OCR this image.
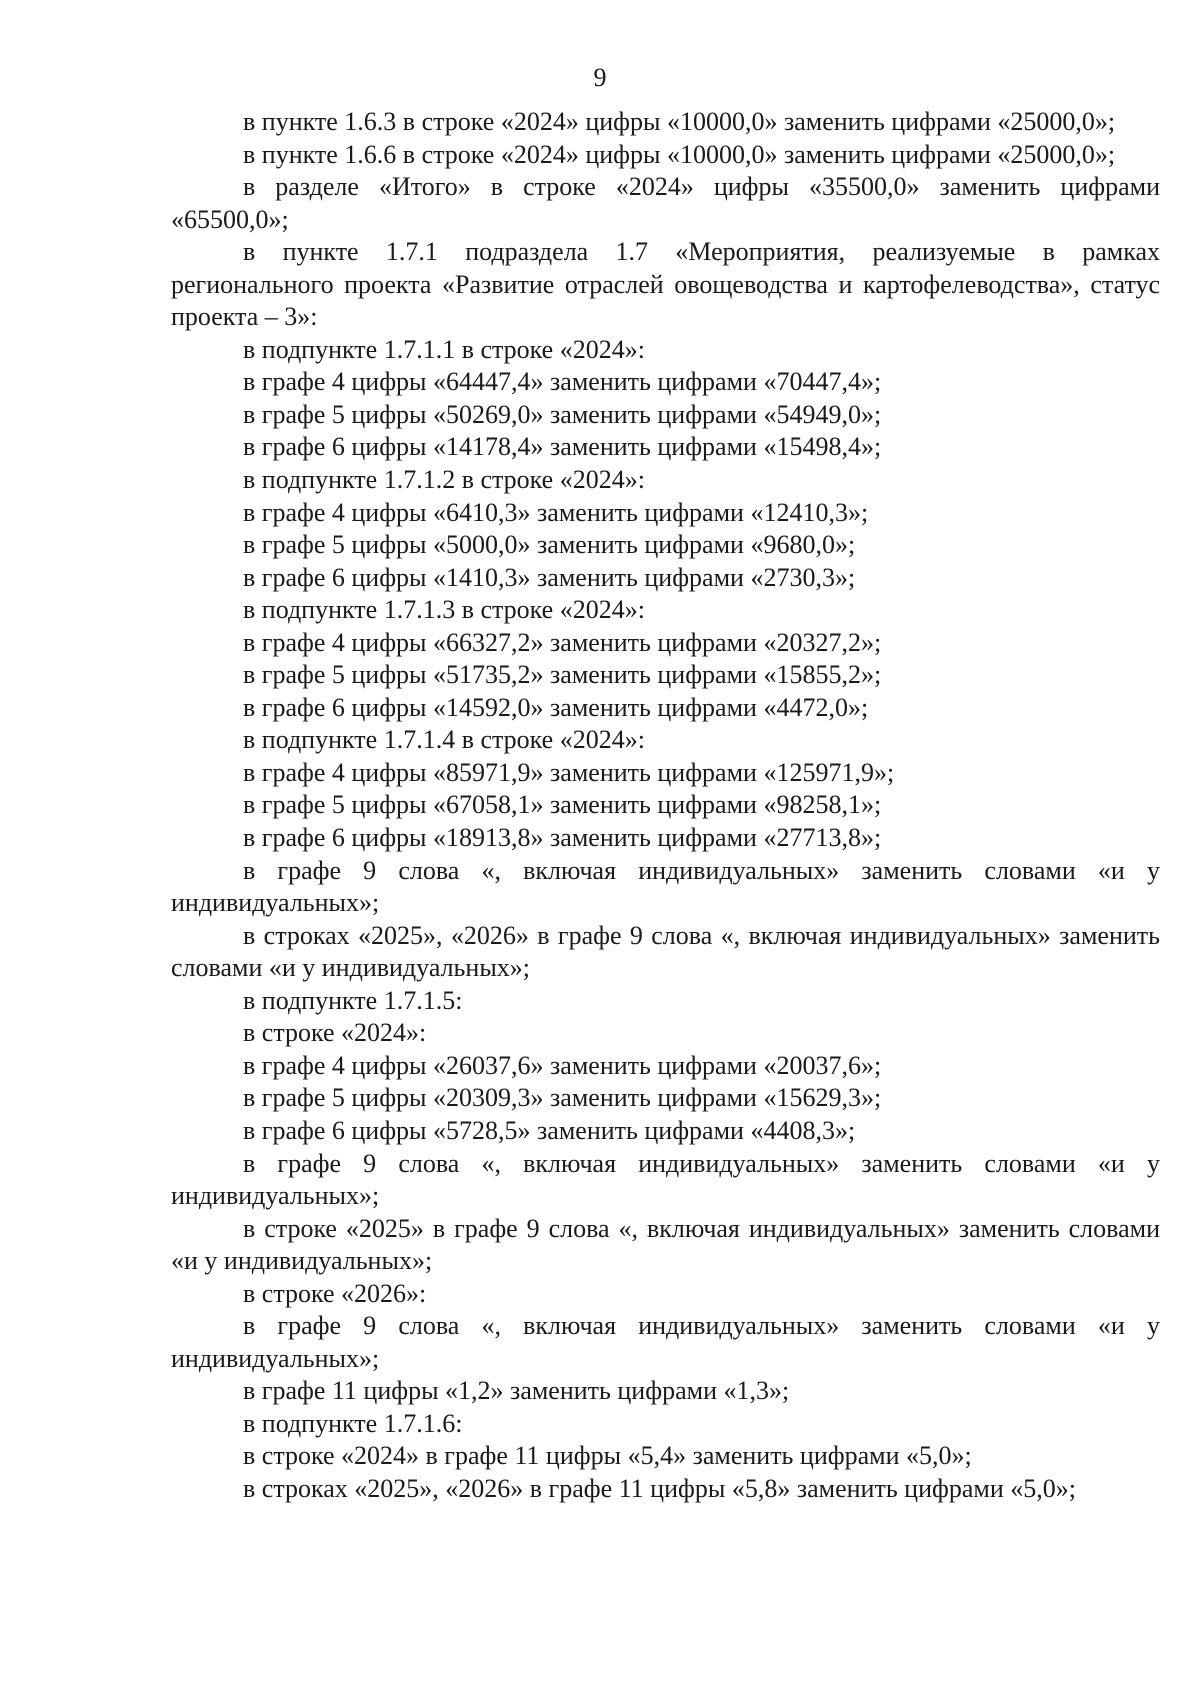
9

в пункте 1.6.3 в строке «2024» цифры «10000,0» заменить цифрами «25000,0»;

в пункте 1.6.6 в строке «2024» цифры «10000,0» заменить цифрами «25000,0»;

в разделе «Итого» в строке «2024» цифры «35500,0» заменить цифрами «65500,0»;

в пункте 1.7.1 подраздела 1.7 «Мероприятия, реализуемые в рамках регионального проекта «Развитие отраслей овощеводства и картофелеводства», статус проекта – 3»:

в подпункте 1.7.1.1 в строке «2024»:

в графе 4 цифры «64447,4» заменить цифрами «70447,4»;

в графе 5 цифры «50269,0» заменить цифрами «54949,0»;

в графе 6 цифры «14178,4» заменить цифрами «15498,4»;

в подпункте 1.7.1.2 в строке «2024»:

в графе 4 цифры «6410,3» заменить цифрами «12410,3»;

в графе 5 цифры «5000,0» заменить цифрами «9680,0»;

в графе 6 цифры «1410,3» заменить цифрами «2730,3»;

в подпункте 1.7.1.3 в строке «2024»:

в графе 4 цифры «66327,2» заменить цифрами «20327,2»;

в графе 5 цифры «51735,2» заменить цифрами «15855,2»;

в графе 6 цифры «14592,0» заменить цифрами «4472,0»;

в подпункте 1.7.1.4 в строке «2024»:

в графе 4 цифры «85971,9» заменить цифрами «125971,9»;

в графе 5 цифры «67058,1» заменить цифрами «98258,1»;

в графе 6 цифры «18913,8» заменить цифрами «27713,8»;

в графе 9 слова «, включая индивидуальных» заменить словами «и у индивидуальных»;

в строках «2025», «2026» в графе 9 слова «, включая индивидуальных» заменить словами «и у индивидуальных»;

в подпункте 1.7.1.5:

в строке «2024»:

в графе 4 цифры «26037,6» заменить цифрами «20037,6»;

в графе 5 цифры «20309,3» заменить цифрами «15629,3»;

в графе 6 цифры «5728,5» заменить цифрами «4408,3»;

в графе 9 слова «, включая индивидуальных» заменить словами «и у индивидуальных»;

в строке «2025» в графе 9 слова «, включая индивидуальных» заменить словами «и у индивидуальных»;

в строке «2026»:

в графе 9 слова «, включая индивидуальных» заменить словами «и у индивидуальных»;

в графе 11 цифры «1,2» заменить цифрами «1,3»;

в подпункте 1.7.1.6:

в строке «2024» в графе 11 цифры «5,4» заменить цифрами «5,0»;

в строках «2025», «2026» в графе 11 цифры «5,8» заменить цифрами «5,0»;
